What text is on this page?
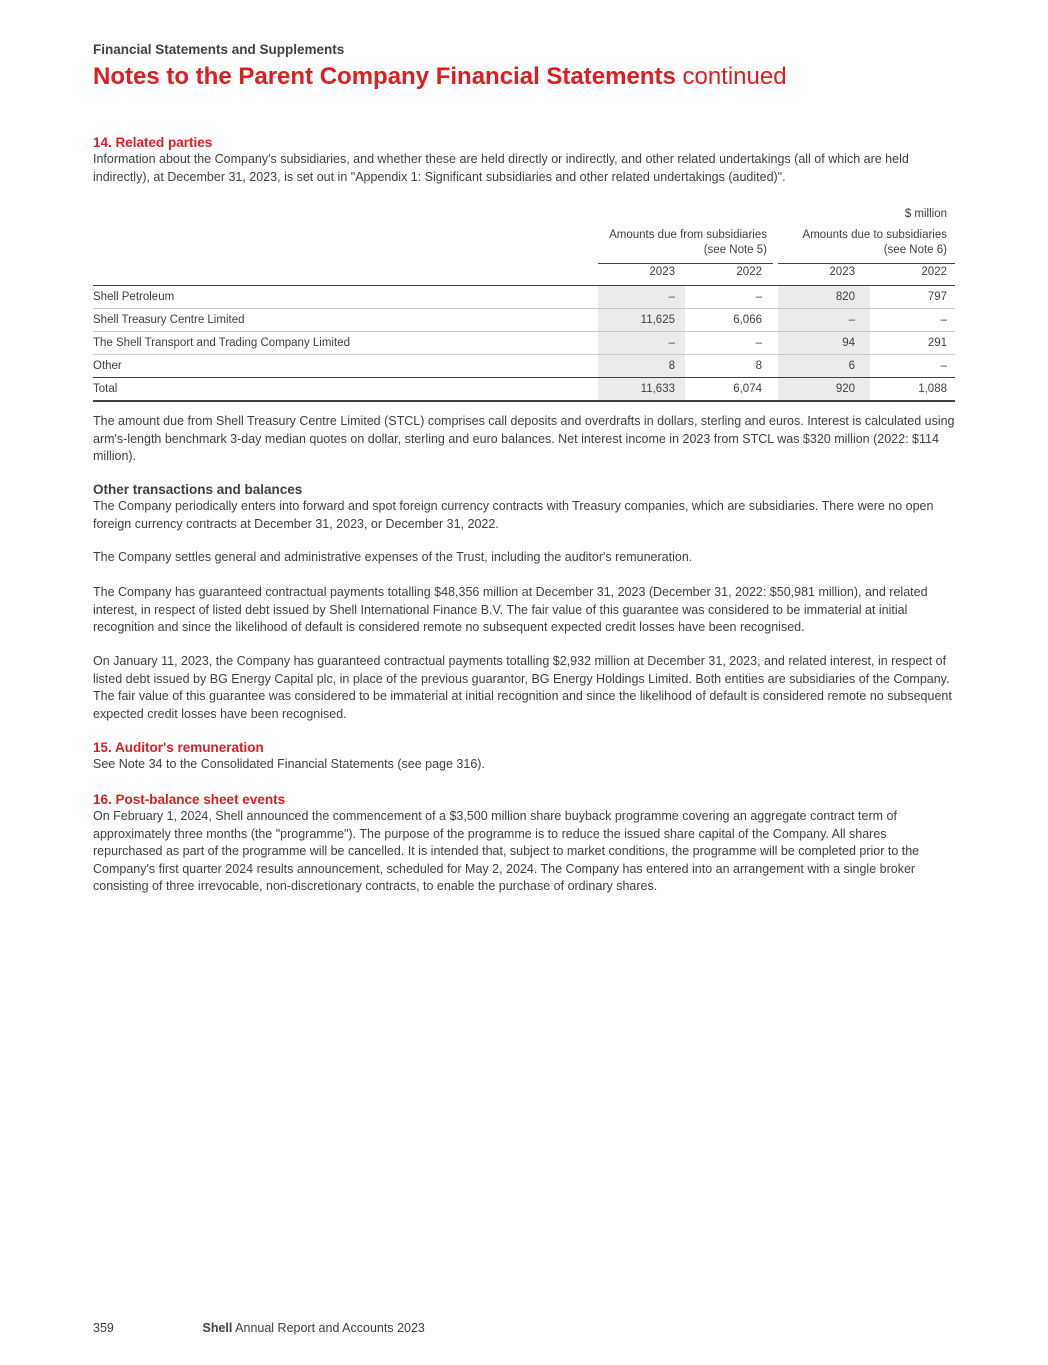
Financial Statements and Supplements
Notes to the Parent Company Financial Statements continued

14. Related parties

Information about the Company's subsidiaries, and whether these are held directly or indirectly, and other related undertakings (all of which are held indirectly), at December 31, 2023, is set out in "Appendix 1: Significant subsidiaries and other related undertakings (audited)".

$ million
Amounts due from subsidiaries
(see Note 5)
Amounts due to subsidiaries
(see Note 6)
2023	2022	2023	2022
Shell Petroleum	–	–	820	797
Shell Treasury Centre Limited	11,625	6,066	–	–
The Shell Transport and Trading Company Limited	–	–	94	291
Other	8	8	6	–
Total	11,633	6,074	920	1,088

The amount due from Shell Treasury Centre Limited (STCL) comprises call deposits and overdrafts in dollars, sterling and euros. Interest is calculated using arm's-length benchmark 3-day median quotes on dollar, sterling and euro balances. Net interest income in 2023 from STCL was $320 million (2022: $114 million).

Other transactions and balances

The Company periodically enters into forward and spot foreign currency contracts with Treasury companies, which are subsidiaries. There were no open foreign currency contracts at December 31, 2023, or December 31, 2022.

The Company settles general and administrative expenses of the Trust, including the auditor's remuneration.

The Company has guaranteed contractual payments totalling $48,356 million at December 31, 2023 (December 31, 2022: $50,981 million), and related interest, in respect of listed debt issued by Shell International Finance B.V. The fair value of this guarantee was considered to be immaterial at initial recognition and since the likelihood of default is considered remote no subsequent expected credit losses have been recognised.

On January 11, 2023, the Company has guaranteed contractual payments totalling $2,932 million at December 31, 2023, and related interest, in respect of listed debt issued by BG Energy Capital plc, in place of the previous guarantor, BG Energy Holdings Limited. Both entities are subsidiaries of the Company. The fair value of this guarantee was considered to be immaterial at initial recognition and since the likelihood of default is considered remote no subsequent expected credit losses have been recognised.

15. Auditor's remuneration

See Note 34 to the Consolidated Financial Statements (see page 316).

16. Post-balance sheet events

On February 1, 2024, Shell announced the commencement of a $3,500 million share buyback programme covering an aggregate contract term of approximately three months (the "programme"). The purpose of the programme is to reduce the issued share capital of the Company. All shares repurchased as part of the programme will be cancelled. It is intended that, subject to market conditions, the programme will be completed prior to the Company's first quarter 2024 results announcement, scheduled for May 2, 2024. The Company has entered into an arrangement with a single broker consisting of three irrevocable, non-discretionary contracts, to enable the purchase of ordinary shares.

359	Shell Annual Report and Accounts 2023
